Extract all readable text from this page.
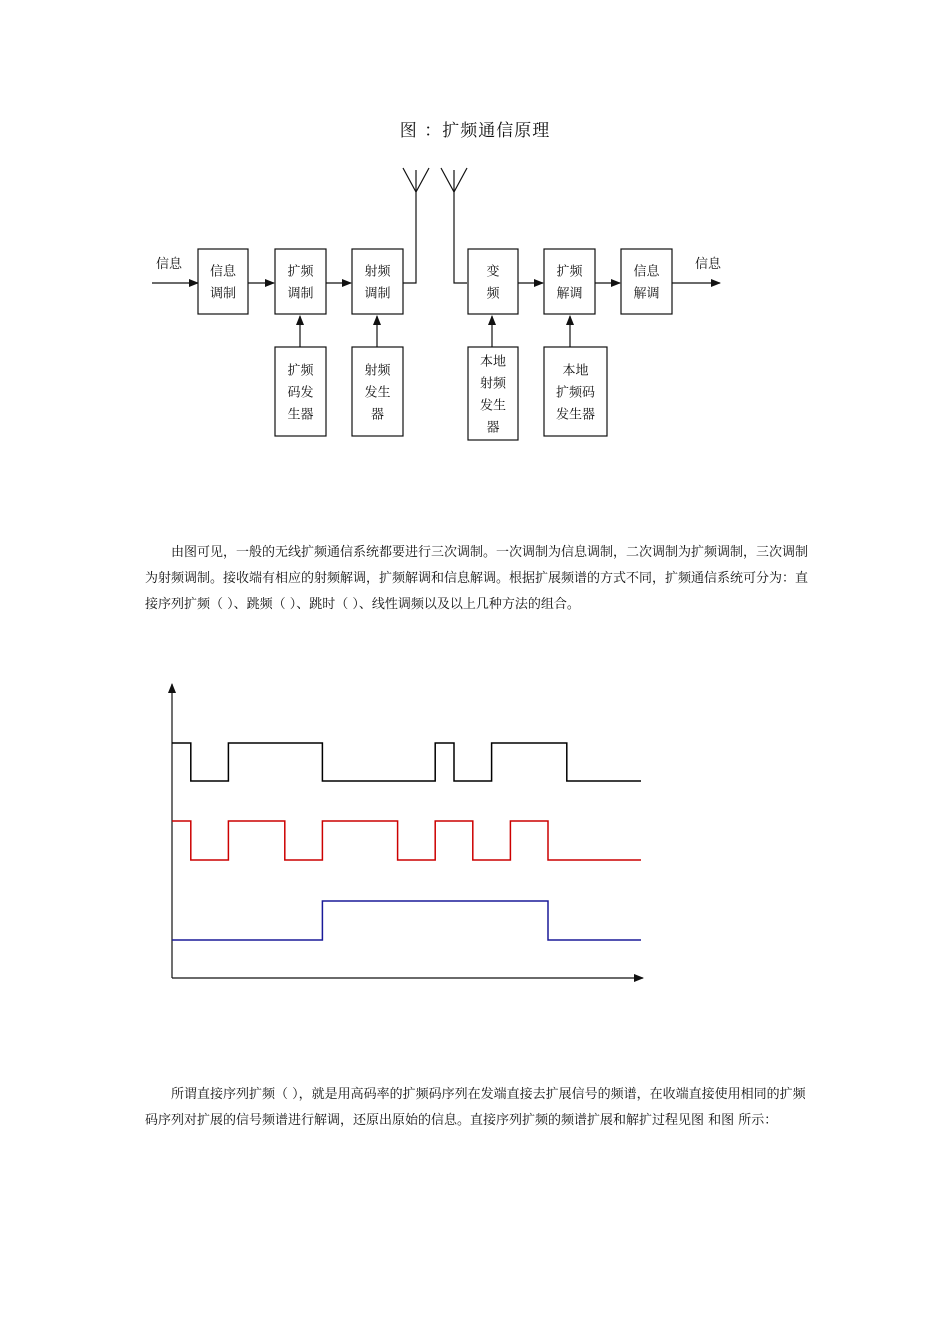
图 ：扩频通信原理
信息	信息
信息
调制
扩频
调制
射频
调制
变
频
扩频
解调
信息
解调
扩频
码发
生器
射频
发生
器
本地
射频
发生
器
本地
扩频码
发生器

由图可见，一般的无线扩频通信系统都要进行三次调制。一次调制为信息调制，二次调制为扩频调制，三次调制为射频调制。接收端有相应的射频解调，扩频解调和信息解调。根据扩展频谱的方式不同，扩频通信系统可分为：直接序列扩频（ ）、跳频（ ）、跳时（ ）、线性调频以及以上几种方法的组合。

所谓直接序列扩频（ ），就是用高码率的扩频码序列在发端直接去扩展信号的频谱，在收端直接使用相同的扩频码序列对扩展的信号频谱进行解调，还原出原始的信息。直接序列扩频的频谱扩展和解扩过程见图 和图 所示：
